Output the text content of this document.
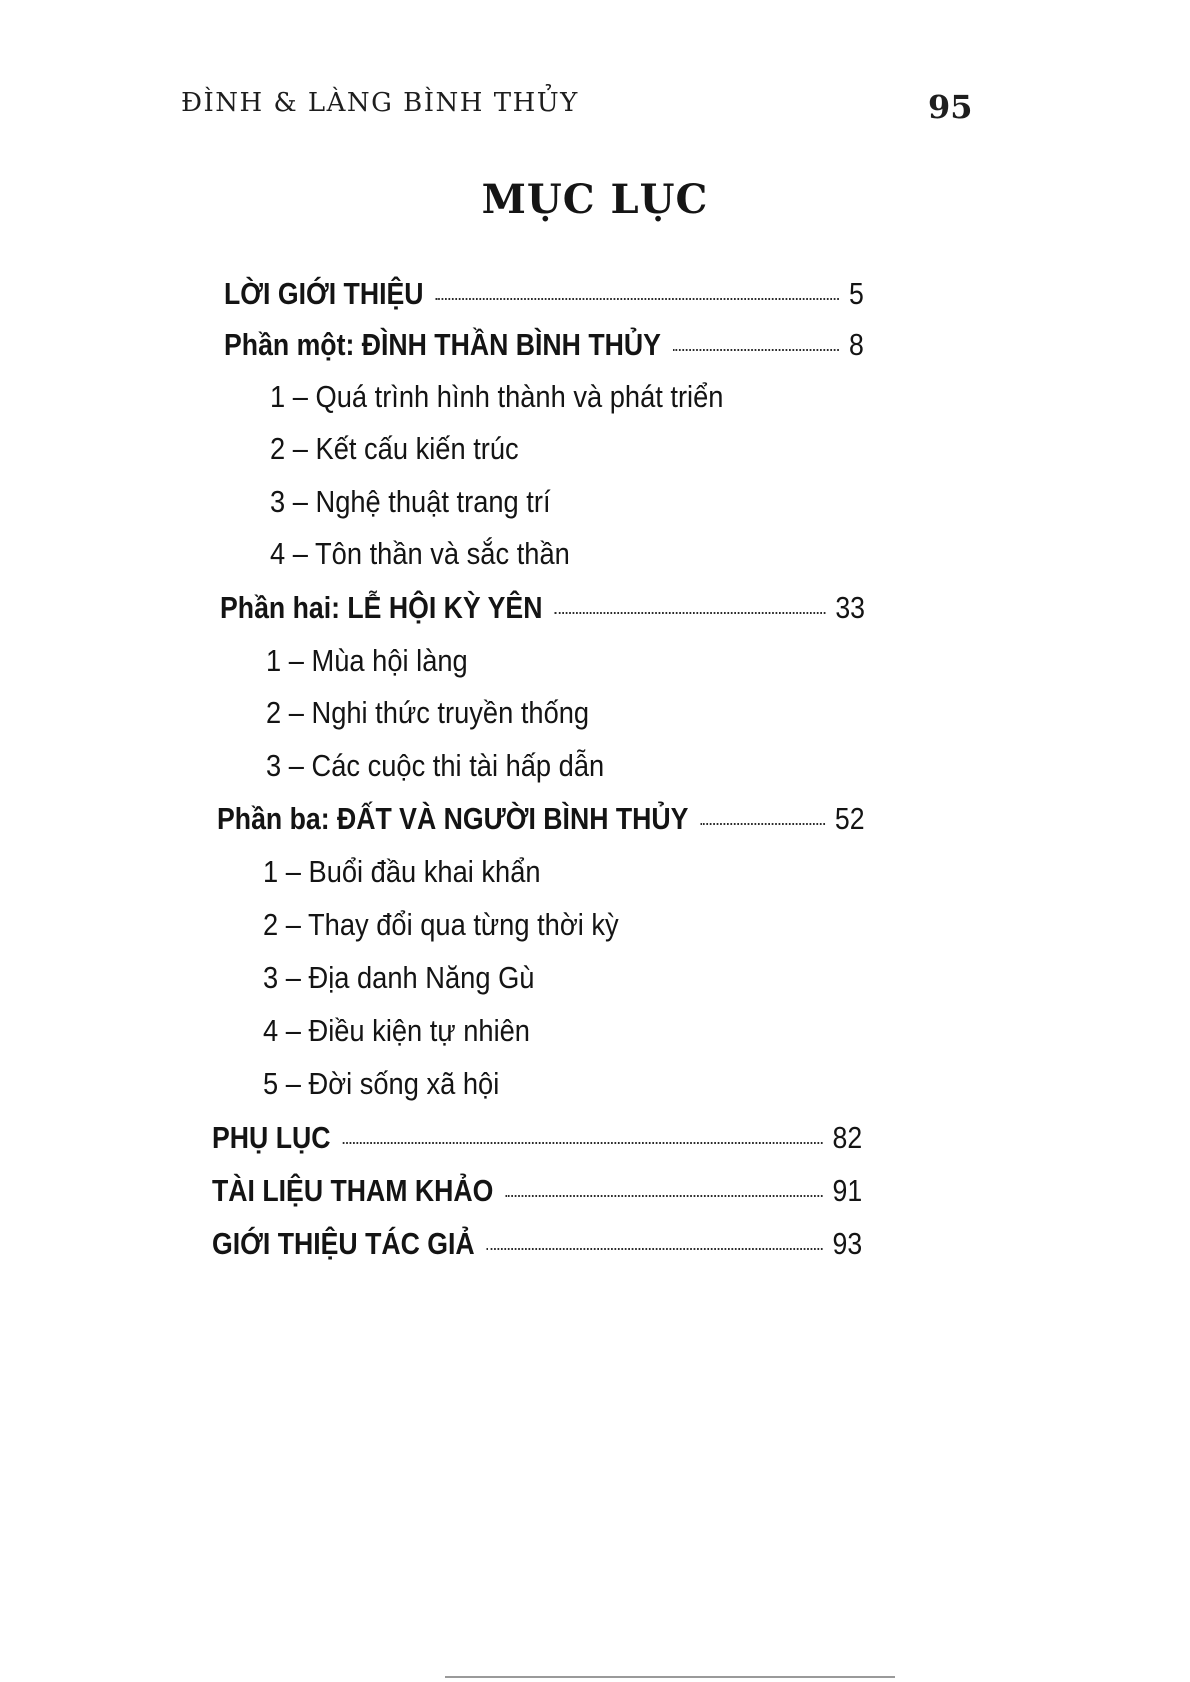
ĐÌNH & LÀNG BÌNH THỦY	95
MỤC LỤC
LỜI GIỚI THIỆU	5
Phần một: ĐÌNH THẦN BÌNH THỦY	8
1 – Quá trình hình thành và phát triển
2 – Kết cấu kiến trúc
3 – Nghệ thuật trang trí
4 – Tôn thần và sắc thần
Phần hai: LỄ HỘI KỲ YÊN	33
1 – Mùa hội làng
2 – Nghi thức truyền thống
3 – Các cuộc thi tài hấp dẫn
Phần ba: ĐẤT VÀ NGƯỜI BÌNH THỦY	52
1 – Buổi đầu khai khẩn
2 – Thay đổi qua từng thời kỳ
3 – Địa danh Năng Gù
4 – Điều kiện tự nhiên
5 – Đời sống xã hội
PHỤ LỤC	82
TÀI LIỆU THAM KHẢO	91
GIỚI THIỆU TÁC GIẢ	93
